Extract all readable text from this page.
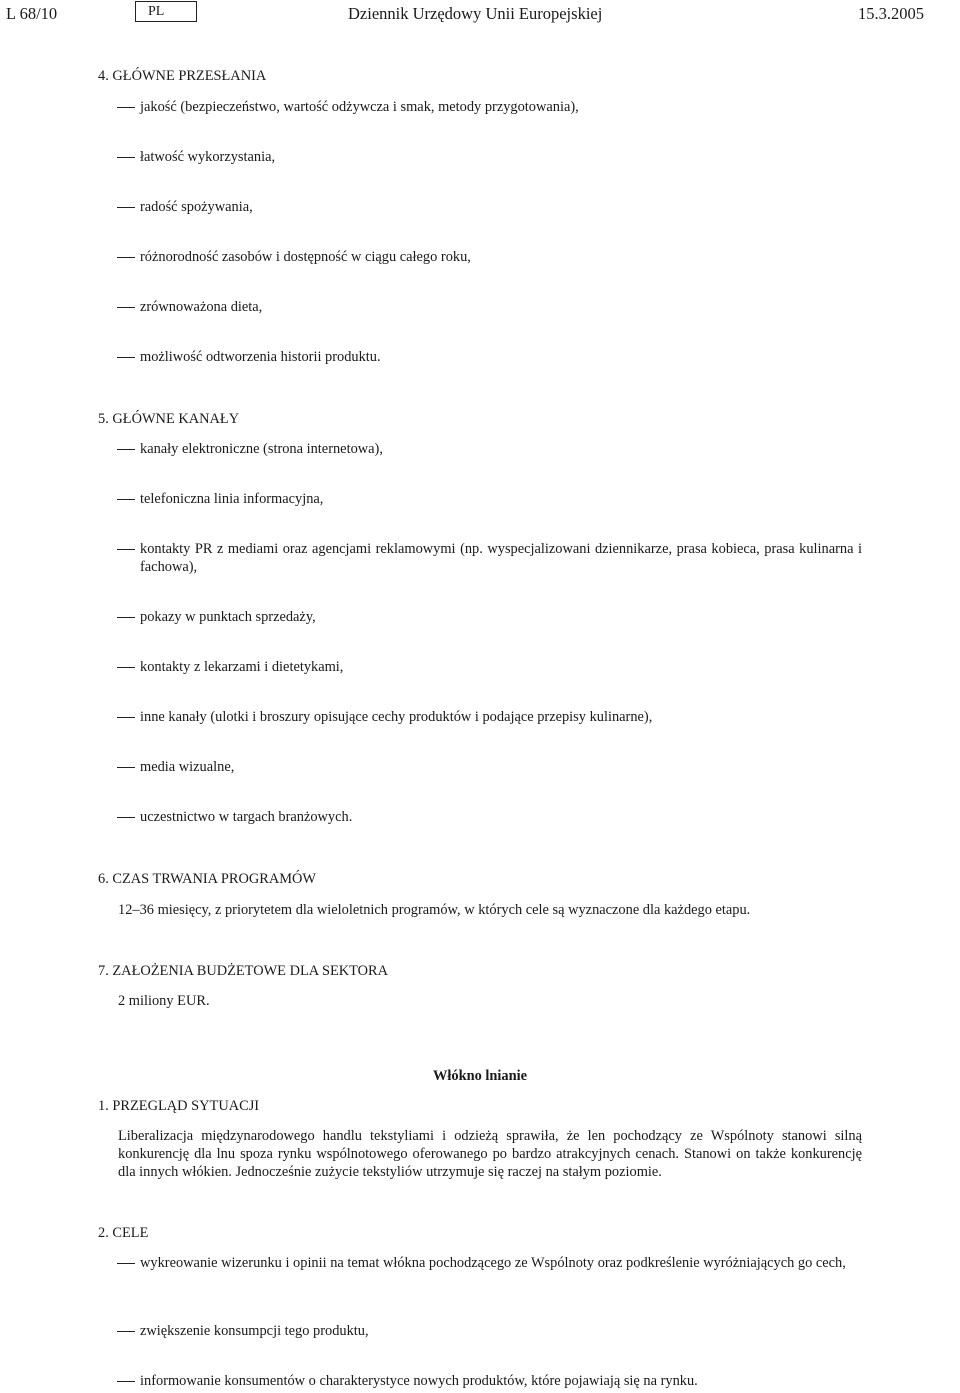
L 68/10	PL	Dziennik Urzędowy Unii Europejskiej	15.3.2005
4. GŁÓWNE PRZESŁANIA
jakość (bezpieczeństwo, wartość odżywcza i smak, metody przygotowania),
łatwość wykorzystania,
radość spożywania,
różnorodność zasobów i dostępność w ciągu całego roku,
zrównoważona dieta,
możliwość odtworzenia historii produktu.
5. GŁÓWNE KANAŁY
kanały elektroniczne (strona internetowa),
telefoniczna linia informacyjna,
kontakty PR z mediami oraz agencjami reklamowymi (np. wyspecjalizowani dziennikarze, prasa kobieca, prasa kulinarna i fachowa),
pokazy w punktach sprzedaży,
kontakty z lekarzami i dietetykami,
inne kanały (ulotki i broszury opisujące cechy produktów i podające przepisy kulinarne),
media wizualne,
uczestnictwo w targach branżowych.
6. CZAS TRWANIA PROGRAMÓW
12–36 miesięcy, z priorytetem dla wieloletnich programów, w których cele są wyznaczone dla każdego etapu.
7. ZAŁOŻENIA BUDŻETOWE DLA SEKTORA
2 miliony EUR.
Włókno lnianie
1. PRZEGLĄD SYTUACJI
Liberalizacja międzynarodowego handlu tekstyliami i odzieżą sprawiła, że len pochodzący ze Wspólnoty stanowi silną konkurencję dla lnu spoza rynku wspólnotowego oferowanego po bardzo atrakcyjnych cenach. Stanowi on także konkurencję dla innych włókien. Jednocześnie zużycie tekstyliów utrzymuje się raczej na stałym poziomie.
2. CELE
wykreowanie wizerunku i opinii na temat włókna pochodzącego ze Wspólnoty oraz podkreślenie wyróżniających go cech,
zwiększenie konsumpcji tego produktu,
informowanie konsumentów o charakterystyce nowych produktów, które pojawiają się na rynku.
